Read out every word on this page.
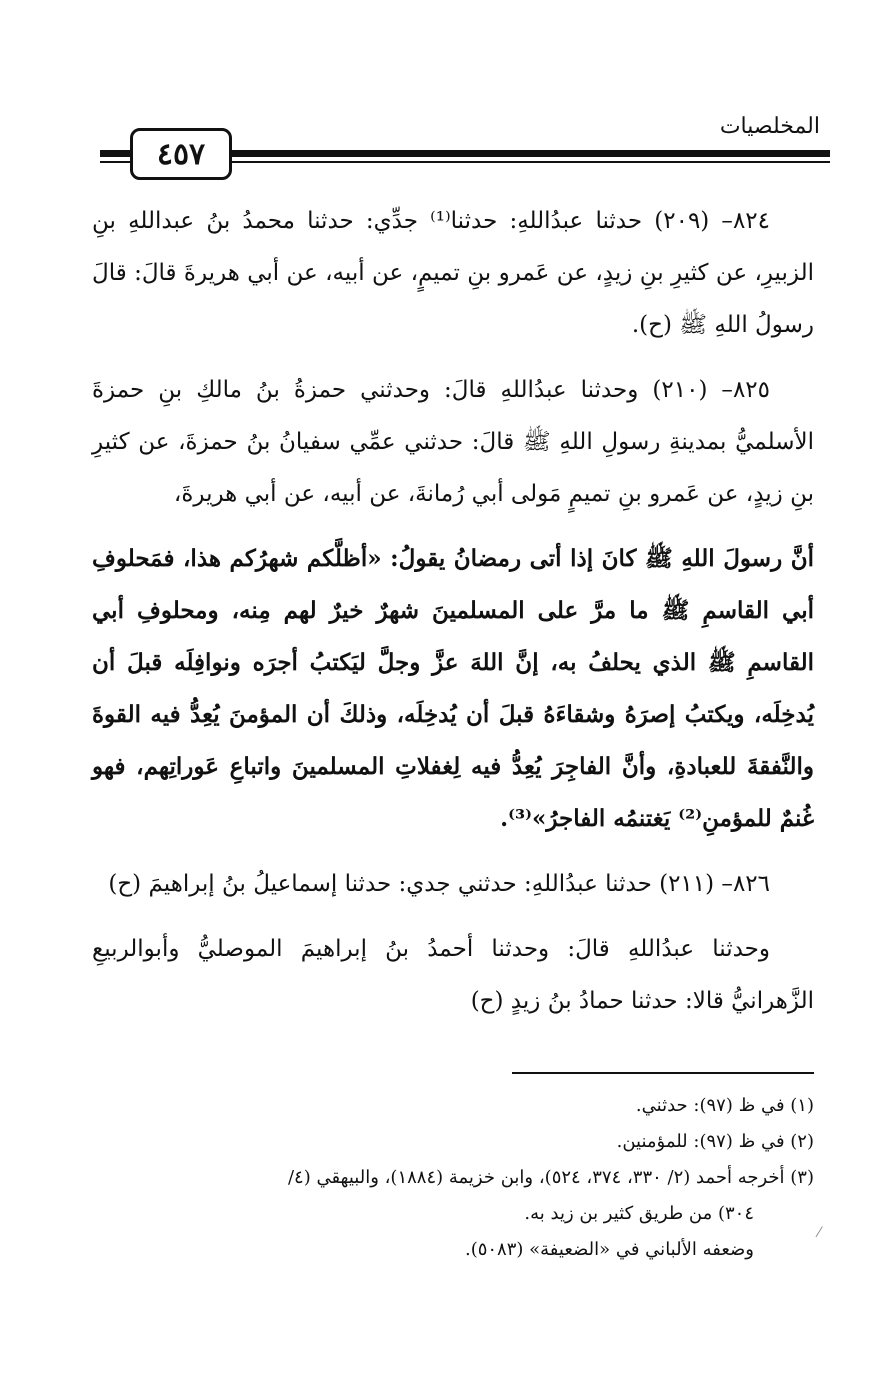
المخلصيات
٤٥٧

٨٢٤– (٢٠٩) حدثنا عبدُاللهِ: حدثنا⁽¹⁾ جدِّي: حدثنا محمدُ بنُ عبداللهِ بنِ الزبيرِ، عن كثيرِ بنِ زيدٍ، عن عَمرو بنِ تميمٍ، عن أبيه، عن أبي هريرةَ قالَ: قالَ رسولُ اللهِ ﷺ (ح).

٨٢٥– (٢١٠) وحدثنا عبدُاللهِ قالَ: وحدثني حمزةُ بنُ مالكِ بنِ حمزةَ الأسلميُّ بمدينةِ رسولِ اللهِ ﷺ قالَ: حدثني عمِّي سفيانُ بنُ حمزةَ، عن كثيرِ بنِ زيدٍ، عن عَمرو بنِ تميمٍ مَولى أبي رُمانةَ، عن أبيه، عن أبي هريرةَ،

أنَّ رسولَ اللهِ ﷺ كانَ إذا أتى رمضانُ يقولُ: «أظلَّكم شهرُكم هذا، فمَحلوفِ أبي القاسمِ ﷺ ما مرَّ على المسلمينَ شهرٌ خيرٌ لهم مِنه، ومحلوفِ أبي القاسمِ ﷺ الذي يحلفُ به، إنَّ اللهَ عزَّ وجلَّ ليَكتبُ أجرَه ونوافِلَه قبلَ أن يُدخِلَه، ويكتبُ إصرَهُ وشقاءَهُ قبلَ أن يُدخِلَه، وذلكَ أن المؤمنَ يُعِدُّ فيه القوةَ والنَّفقةَ للعبادةِ، وأنَّ الفاجِرَ يُعِدُّ فيه لِغفلاتِ المسلمينَ واتباعِ عَوراتِهم، فهو غُنمٌ للمؤمنِ⁽²⁾ يَغتنمُه الفاجرُ»⁽³⁾.

٨٢٦– (٢١١) حدثنا عبدُاللهِ: حدثني جدي: حدثنا إسماعيلُ بنُ إبراهيمَ (ح)

وحدثنا عبدُاللهِ قالَ: وحدثنا أحمدُ بنُ إبراهيمَ الموصليُّ وأبوالربيعِ الزَّهرانيُّ قالا: حدثنا حمادُ بنُ زيدٍ (ح)

(١) في ظ (٩٧): حدثني.

(٢) في ظ (٩٧): للمؤمنين.

(٣) أخرجه أحمد (٢/ ٣٣٠، ٣٧٤، ٥٢٤)، وابن خزيمة (١٨٨٤)، والبيهقي (٤/

٣٠٤) من طريق كثير بن زيد به.

وضعفه الألباني في «الضعيفة» (٥٠٨٣).

⁄
